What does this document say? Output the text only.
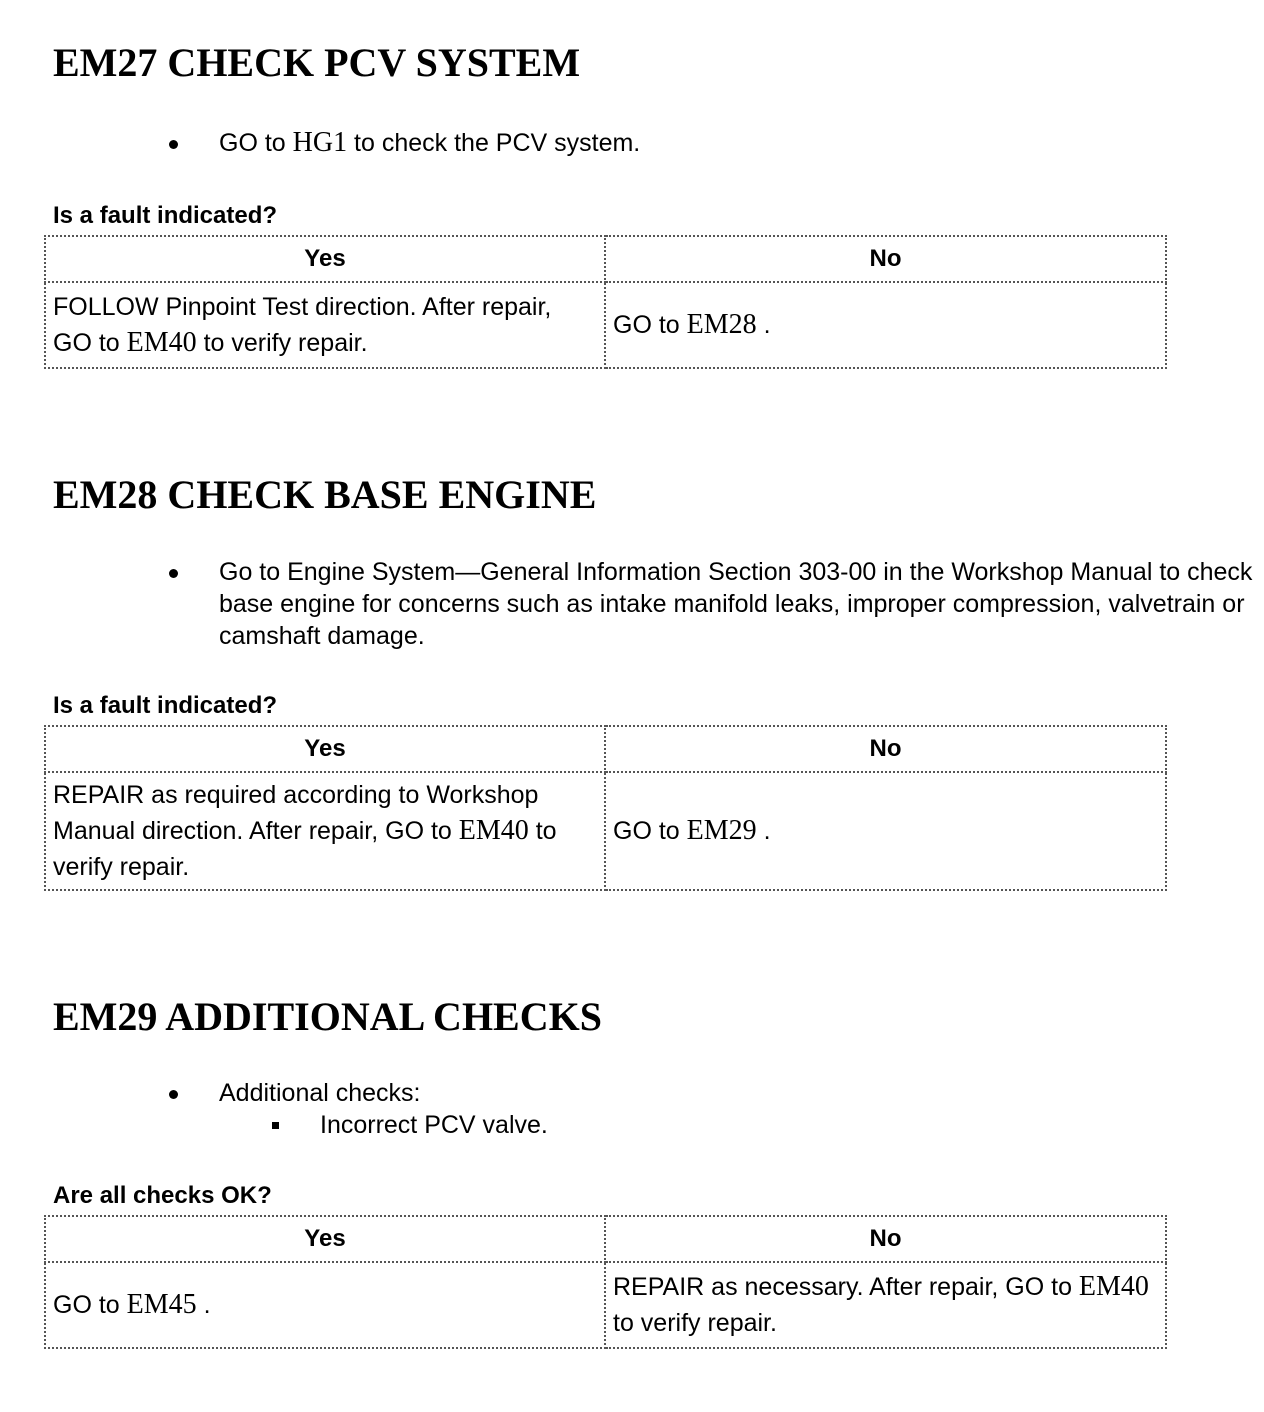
EM27 CHECK PCV SYSTEM
GO to HG1 to check the PCV system.

Is a fault indicated?

Yes	No
FOLLOW Pinpoint Test direction. After repair, GO to EM40 to verify repair.	GO to EM28 .
EM28 CHECK BASE ENGINE
Go to Engine System—General Information Section 303-00 in the Workshop Manual to check base engine for concerns such as intake manifold leaks, improper compression, valvetrain or camshaft damage.

Is a fault indicated?

Yes	No
REPAIR as required according to Workshop Manual direction. After repair, GO to EM40 to verify repair.	GO to EM29 .
EM29 ADDITIONAL CHECKS
Additional checks:
Incorrect PCV valve.

Are all checks OK?

Yes	No
GO to EM45 .	REPAIR as necessary. After repair, GO to EM40 to verify repair.
